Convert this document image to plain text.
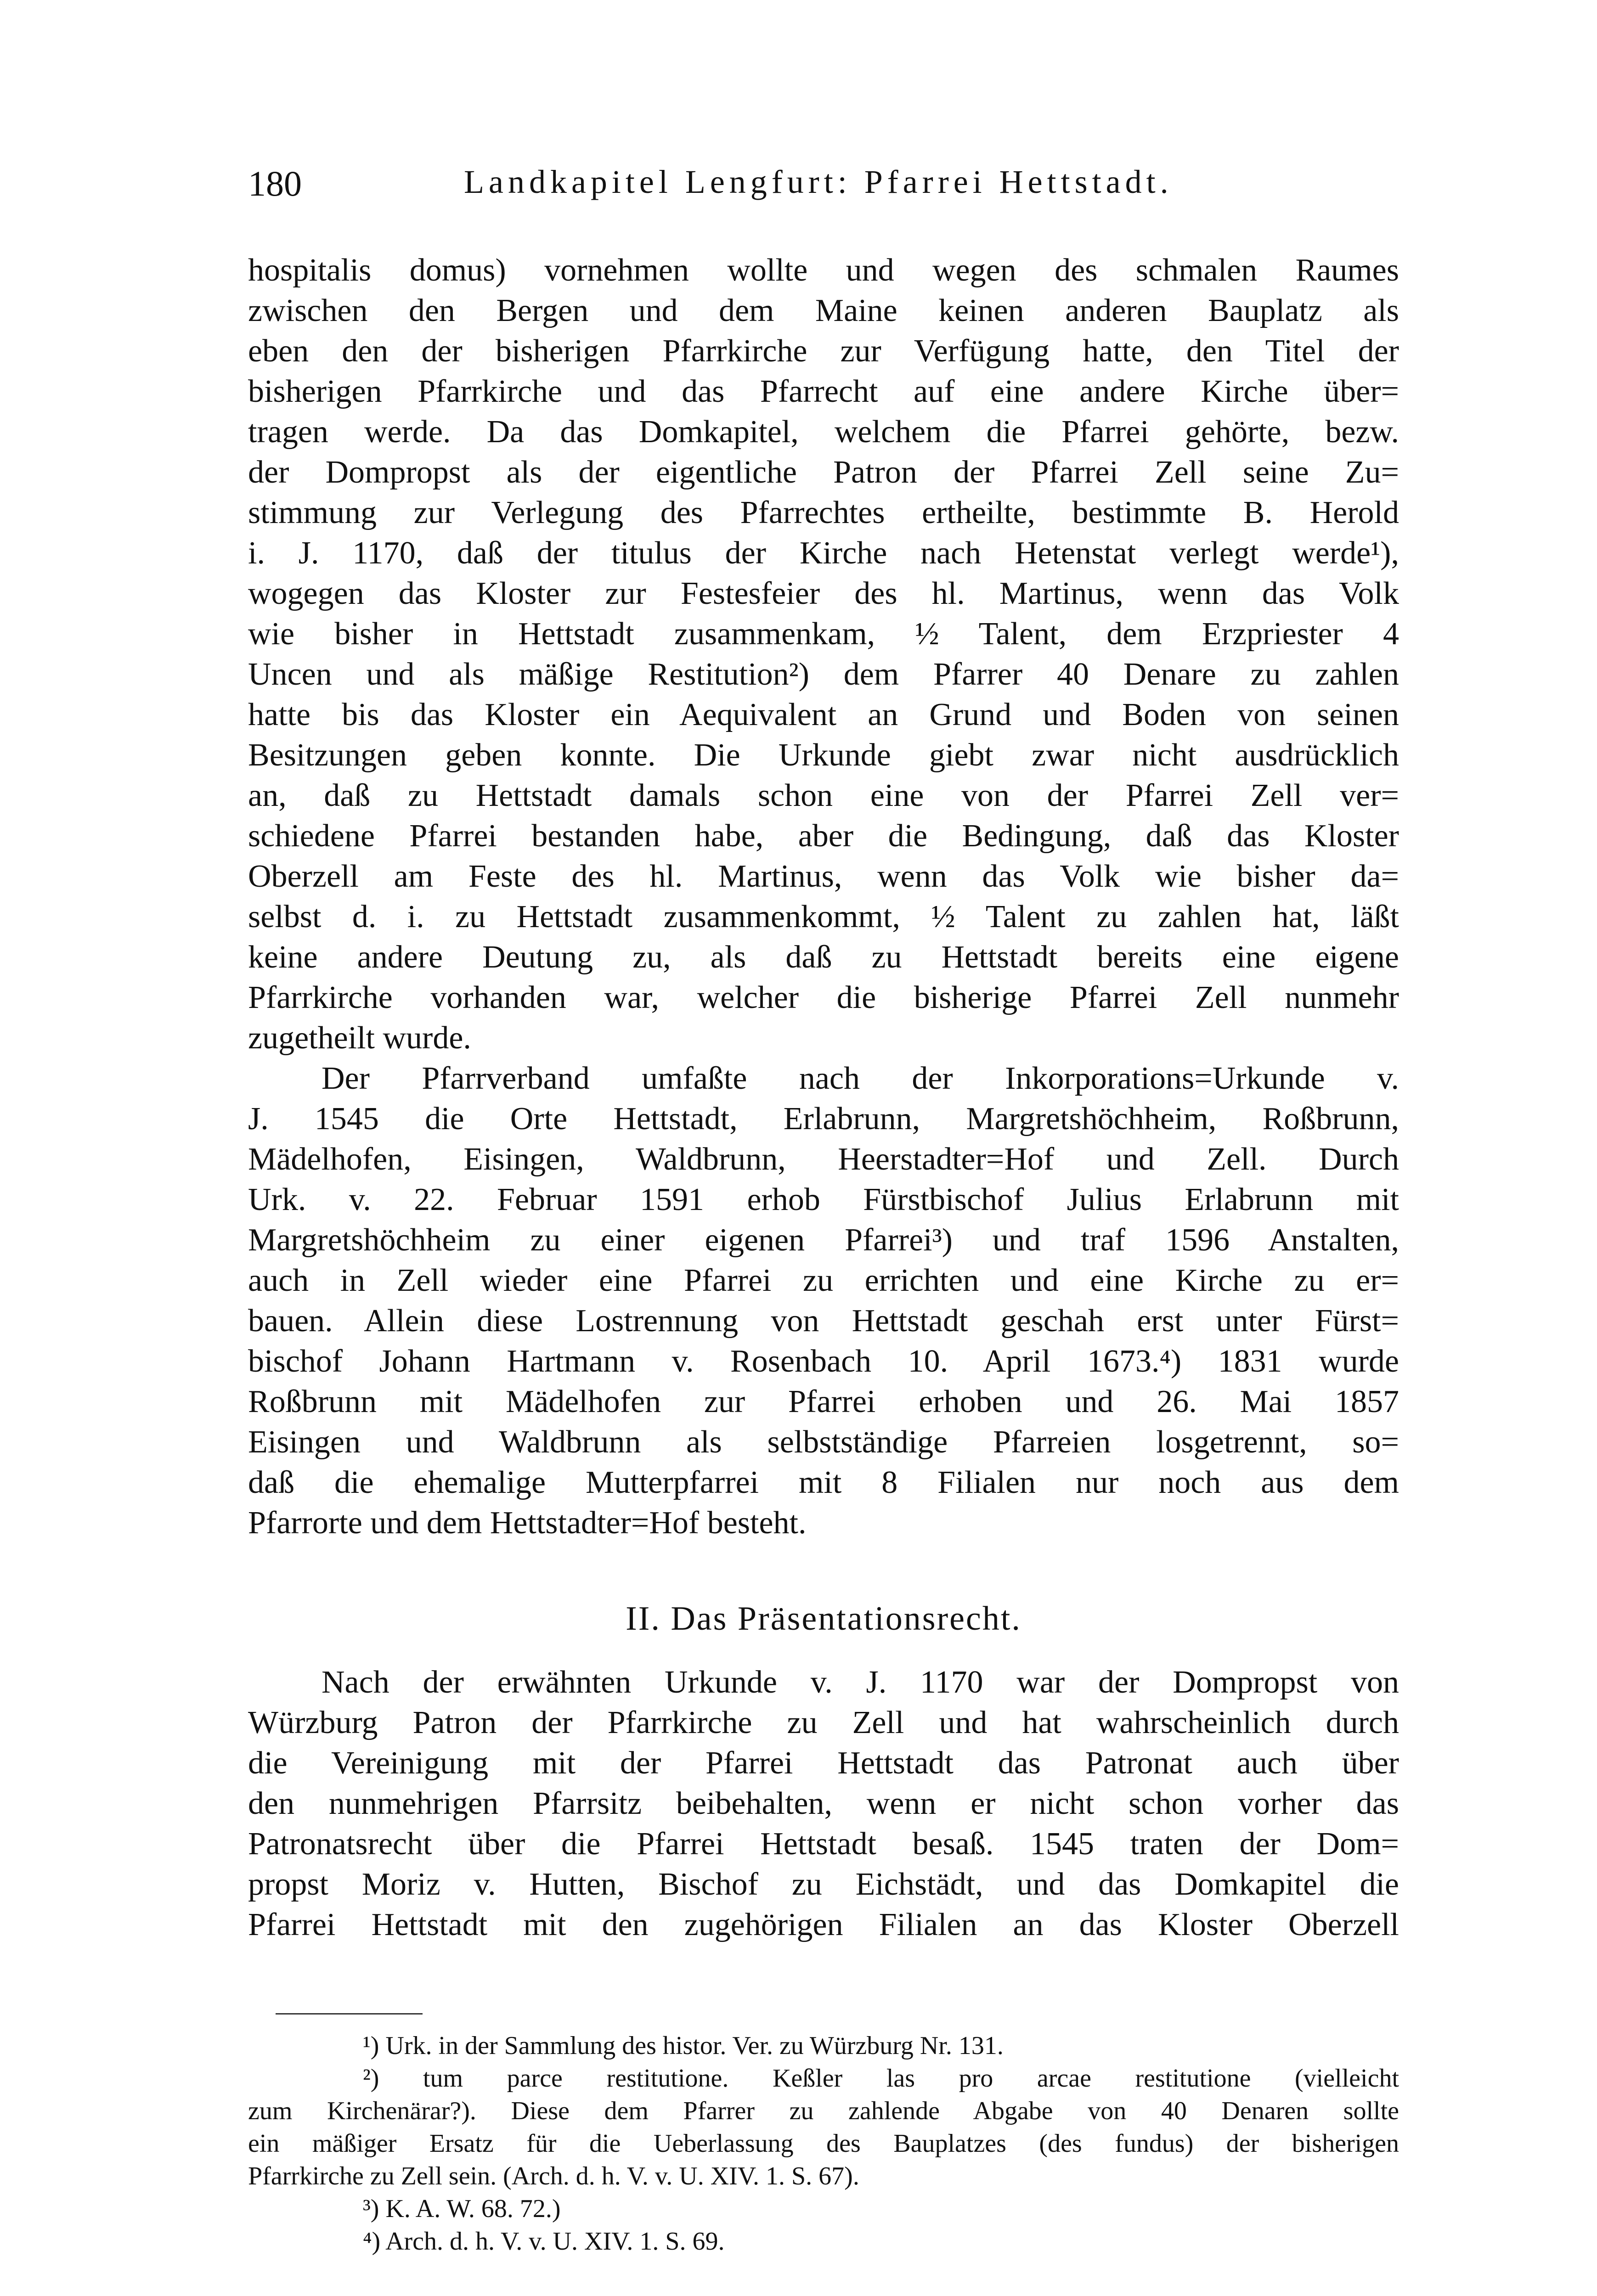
180	Landkapitel Lengfurt: Pfarrei Hettstadt.
hospitalis domus) vornehmen wollte und wegen des schmalen Raumes
zwischen den Bergen und dem Maine keinen anderen Bauplatz als
eben den der bisherigen Pfarrkirche zur Verfügung hatte, den Titel der
bisherigen Pfarrkirche und das Pfarrecht auf eine andere Kirche über=
tragen werde. Da das Domkapitel, welchem die Pfarrei gehörte, bezw.
der Dompropst als der eigentliche Patron der Pfarrei Zell seine Zu=
stimmung zur Verlegung des Pfarrechtes ertheilte, bestimmte B. Herold
i. J. 1170, daß der titulus der Kirche nach Hetenstat verlegt werde¹),
wogegen das Kloster zur Festesfeier des hl. Martinus, wenn das Volk
wie bisher in Hettstadt zusammenkam, ½ Talent, dem Erzpriester 4
Uncen und als mäßige Restitution²) dem Pfarrer 40 Denare zu zahlen
hatte bis das Kloster ein Aequivalent an Grund und Boden von seinen
Besitzungen geben konnte. Die Urkunde giebt zwar nicht ausdrücklich
an, daß zu Hettstadt damals schon eine von der Pfarrei Zell ver=
schiedene Pfarrei bestanden habe, aber die Bedingung, daß das Kloster
Oberzell am Feste des hl. Martinus, wenn das Volk wie bisher da=
selbst d. i. zu Hettstadt zusammenkommt, ½ Talent zu zahlen hat, läßt
keine andere Deutung zu, als daß zu Hettstadt bereits eine eigene
Pfarrkirche vorhanden war, welcher die bisherige Pfarrei Zell nunmehr
zugetheilt wurde.
Der Pfarrverband umfaßte nach der Inkorporations=Urkunde v.
J. 1545 die Orte Hettstadt, Erlabrunn, Margretshöchheim, Roßbrunn,
Mädelhofen, Eisingen, Waldbrunn, Heerstadter=Hof und Zell. Durch
Urk. v. 22. Februar 1591 erhob Fürstbischof Julius Erlabrunn mit
Margretshöchheim zu einer eigenen Pfarrei³) und traf 1596 Anstalten,
auch in Zell wieder eine Pfarrei zu errichten und eine Kirche zu er=
bauen. Allein diese Lostrennung von Hettstadt geschah erst unter Fürst=
bischof Johann Hartmann v. Rosenbach 10. April 1673.⁴) 1831 wurde
Roßbrunn mit Mädelhofen zur Pfarrei erhoben und 26. Mai 1857
Eisingen und Waldbrunn als selbstständige Pfarreien losgetrennt, so=
daß die ehemalige Mutterpfarrei mit 8 Filialen nur noch aus dem
Pfarrorte und dem Hettstadter=Hof besteht.
II. Das Präsentationsrecht.
Nach der erwähnten Urkunde v. J. 1170 war der Dompropst von
Würzburg Patron der Pfarrkirche zu Zell und hat wahrscheinlich durch
die Vereinigung mit der Pfarrei Hettstadt das Patronat auch über
den nunmehrigen Pfarrsitz beibehalten, wenn er nicht schon vorher das
Patronatsrecht über die Pfarrei Hettstadt besaß. 1545 traten der Dom=
propst Moriz v. Hutten, Bischof zu Eichstädt, und das Domkapitel die
Pfarrei Hettstadt mit den zugehörigen Filialen an das Kloster Oberzell
¹) Urk. in der Sammlung des histor. Ver. zu Würzburg Nr. 131.
²) tum parce restitutione. Keßler las pro arcae restitutione (vielleicht
zum Kirchenärar?). Diese dem Pfarrer zu zahlende Abgabe von 40 Denaren sollte
ein mäßiger Ersatz für die Ueberlassung des Bauplatzes (des fundus) der bisherigen
Pfarrkirche zu Zell sein. (Arch. d. h. V. v. U. XIV. 1. S. 67).
³) K. A. W. 68. 72.)
⁴) Arch. d. h. V. v. U. XIV. 1. S. 69.
